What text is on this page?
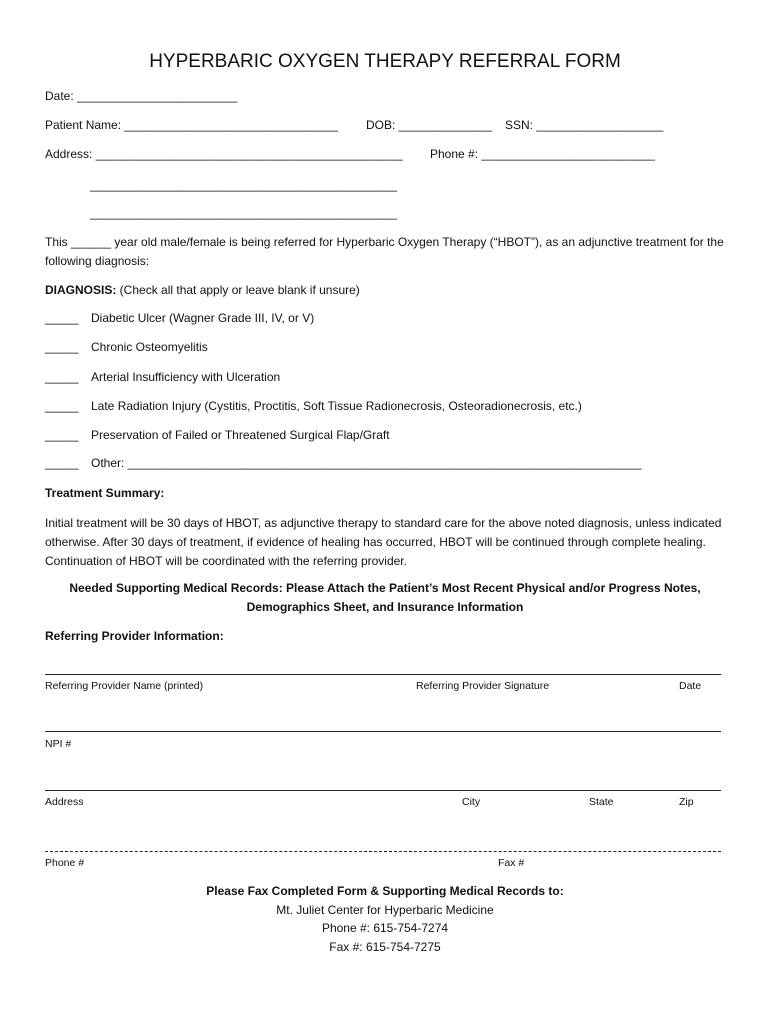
HYPERBARIC OXYGEN THERAPY REFERRAL FORM
Date: ________________________
Patient Name: ________________________________ DOB: ______________ SSN: ___________________
Address: ______________________________________________ Phone #: __________________________
______________________________________________
______________________________________________
This ______ year old male/female is being referred for Hyperbaric Oxygen Therapy (“HBOT”), as an adjunctive treatment for the following diagnosis:
DIAGNOSIS: (Check all that apply or leave blank if unsure)
_____ Diabetic Ulcer (Wagner Grade III, IV, or V)
_____ Chronic Osteomyelitis
_____ Arterial Insufficiency with Ulceration
_____ Late Radiation Injury (Cystitis, Proctitis, Soft Tissue Radionecrosis, Osteoradionecrosis, etc.)
_____ Preservation of Failed or Threatened Surgical Flap/Graft
_____ Other: _____________________________________________________________________________
Treatment Summary:
Initial treatment will be 30 days of HBOT, as adjunctive therapy to standard care for the above noted diagnosis, unless indicated otherwise. After 30 days of treatment, if evidence of healing has occurred, HBOT will be continued through complete healing. Continuation of HBOT will be coordinated with the referring provider.
Needed Supporting Medical Records: Please Attach the Patient’s Most Recent Physical and/or Progress Notes,
Demographics Sheet, and Insurance Information
Referring Provider Information:
Referring Provider Name (printed)	Referring Provider Signature	Date
NPI #
Address	City	State	Zip
Phone #	Fax #
Please Fax Completed Form & Supporting Medical Records to:
Mt. Juliet Center for Hyperbaric Medicine
Phone #: 615-754-7274
Fax #: 615-754-7275
